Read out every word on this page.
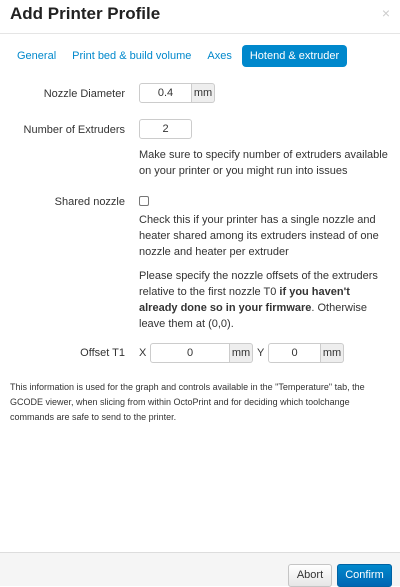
Add Printer Profile	×
General	Print bed & build volume	Axes	Hotend & extruder
Nozzle Diameter
0.4	mm
Number of Extruders
2
Make sure to specify number of extruders available on your printer or you might run into issues
Shared nozzle
Check this if your printer has a single nozzle and heater shared among its extruders instead of one nozzle and heater per extruder

Please specify the nozzle offsets of the extruders relative to the first nozzle T0 if you haven't already done so in your firmware. Otherwise leave them at (0,0).

Offset T1 X
0	mm Y
0	mm
This information is used for the graph and controls available in the "Temperature" tab, the GCODE viewer, when slicing from within OctoPrint and for deciding which toolchange commands are safe to send to the printer.
Abort	Confirm
